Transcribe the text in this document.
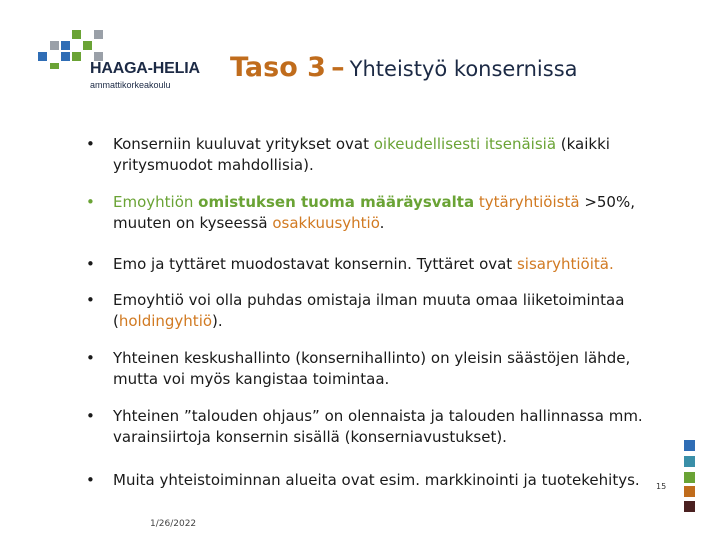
HAAGA-HELIA
ammattikorkeakoulu
Taso 3 – Yhteistyö konsernissa
• Konserniin kuuluvat yritykset ovat oikeudellisesti itsenäisiä (kaikki yritysmuodot mahdollisia).
• Emoyhtiön omistuksen tuoma määräysvalta tytäryhtiöistä >50%, muuten on kyseessä osakkuusyhtiö.
• Emo ja tyttäret muodostavat konsernin. Tyttäret ovat sisaryhtiöitä.
• Emoyhtiö voi olla puhdas omistaja ilman muuta omaa liiketoimintaa (holdingyhtiö).
• Yhteinen keskushallinto (konsernihallinto) on yleisin säästöjen lähde, mutta voi myös kangistaa toimintaa.
• Yhteinen ”talouden ohjaus” on olennaista ja talouden hallinnassa mm. varainsiirtoja konsernin sisällä (konserniavustukset).
• Muita yhteistoiminnan alueita ovat esim. markkinointi ja tuotekehitys.	15
1/26/2022
